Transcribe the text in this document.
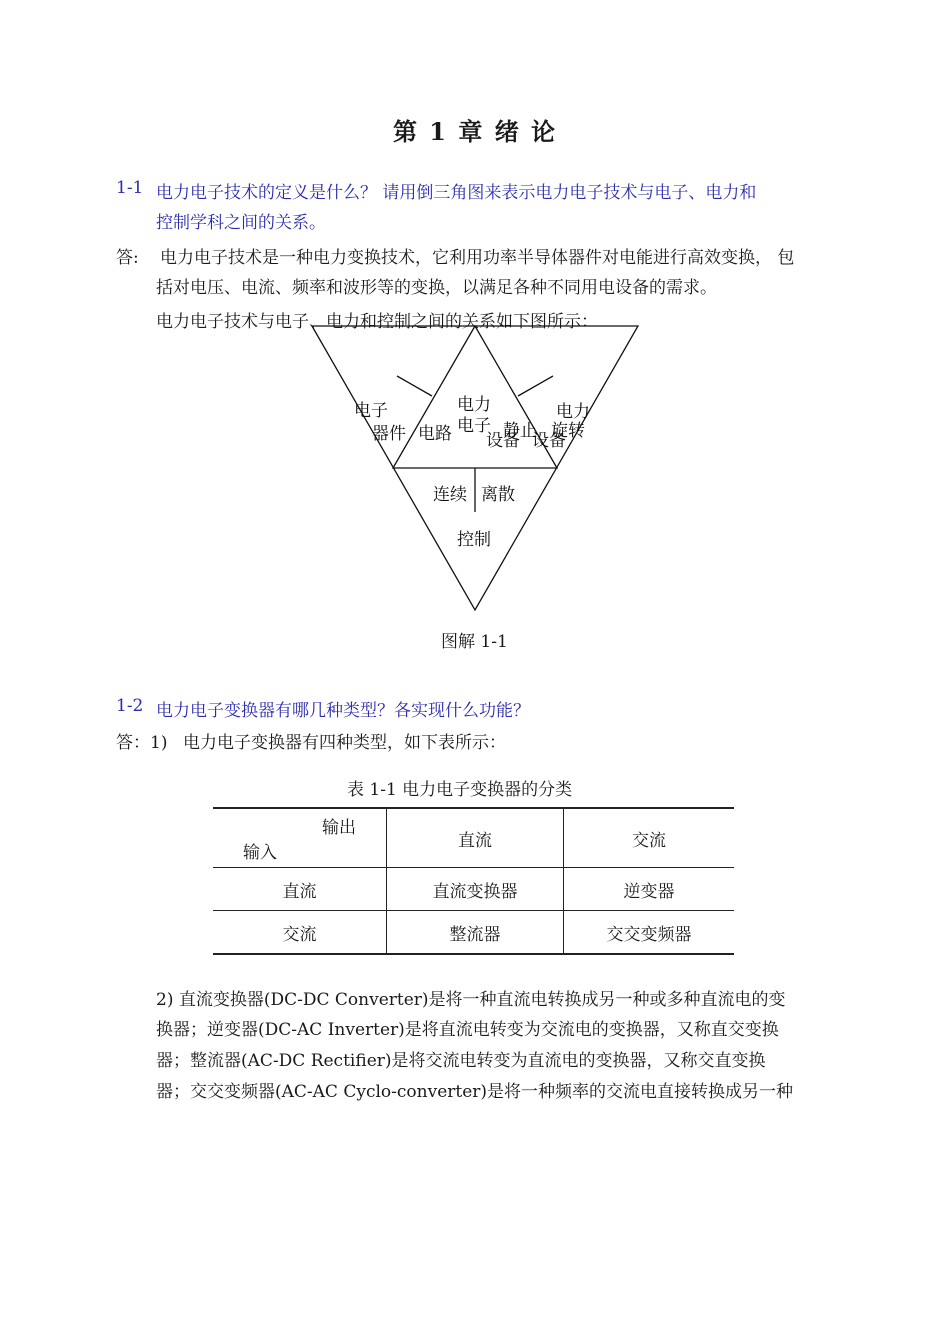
第 1 章 绪 论
1-1 电力电子技术的定义是什么？ 请用倒三角图来表示电力电子技术与电子、电力和
控制学科之间的关系。
答: 电力电子技术是一种电力变换技术，它利用功率半导体器件对电能进行高效变换， 包
括对电压、电流、频率和波形等的变换，以满足各种不同用电设备的需求。
电力电子技术与电子、电力和控制之间的关系如下图所示：
电子
器件 电路
电力
电子 静止
设备 旋转
设备
电力
连续 离散
控制
图解 1-1
1-2 电力电子变换器有哪几种类型？各实现什么功能？
答：1) 电力电子变换器有四种类型，如下表所示：
表 1-1 电力电子变换器的分类
输出
输入	直流	交流
直流	直流变换器	逆变器
交流	整流器	交交变频器
2) 直流变换器(DC-DC Converter)是将一种直流电转换成另一种或多种直流电的变
换器；逆变器(DC-AC Inverter)是将直流电转变为交流电的变换器，又称直交变换
器；整流器(AC-DC Rectifier)是将交流电转变为直流电的变换器，又称交直变换
器；交交变频器(AC-AC Cyclo-converter)是将一种频率的交流电直接转换成另一种
